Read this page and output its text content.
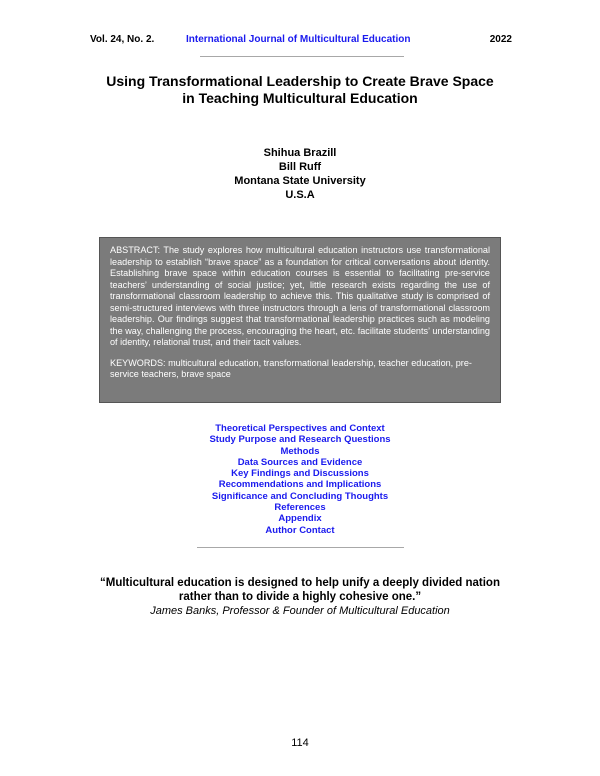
Vol. 24, No. 2.	International Journal of Multicultural Education	2022
Using Transformational Leadership to Create Brave Space
in Teaching Multicultural Education
Shihua Brazill
Bill Ruff
Montana State University
U.S.A

ABSTRACT: The study explores how multicultural education instructors use transformational leadership to establish “brave space” as a foundation for critical conversations about identity. Establishing brave space within education courses is essential to facilitating pre-service teachers’ understanding of social justice; yet, little research exists regarding the use of transformational classroom leadership to achieve this. This qualitative study is comprised of semi-structured interviews with three instructors through a lens of transformational classroom leadership. Our findings suggest that transformational leadership practices such as modeling the way, challenging the process, encouraging the heart, etc. facilitate students’ understanding of identity, relational trust, and their tacit values.

KEYWORDS: multicultural education, transformational leadership, teacher education, pre-service teachers, brave space

Theoretical Perspectives and Context
Study Purpose and Research Questions
Methods
Data Sources and Evidence
Key Findings and Discussions
Recommendations and Implications
Significance and Concluding Thoughts
References
Appendix
Author Contact
“Multicultural education is designed to help unify a deeply divided nation
rather than to divide a highly cohesive one.”
James Banks, Professor & Founder of Multicultural Education
114
